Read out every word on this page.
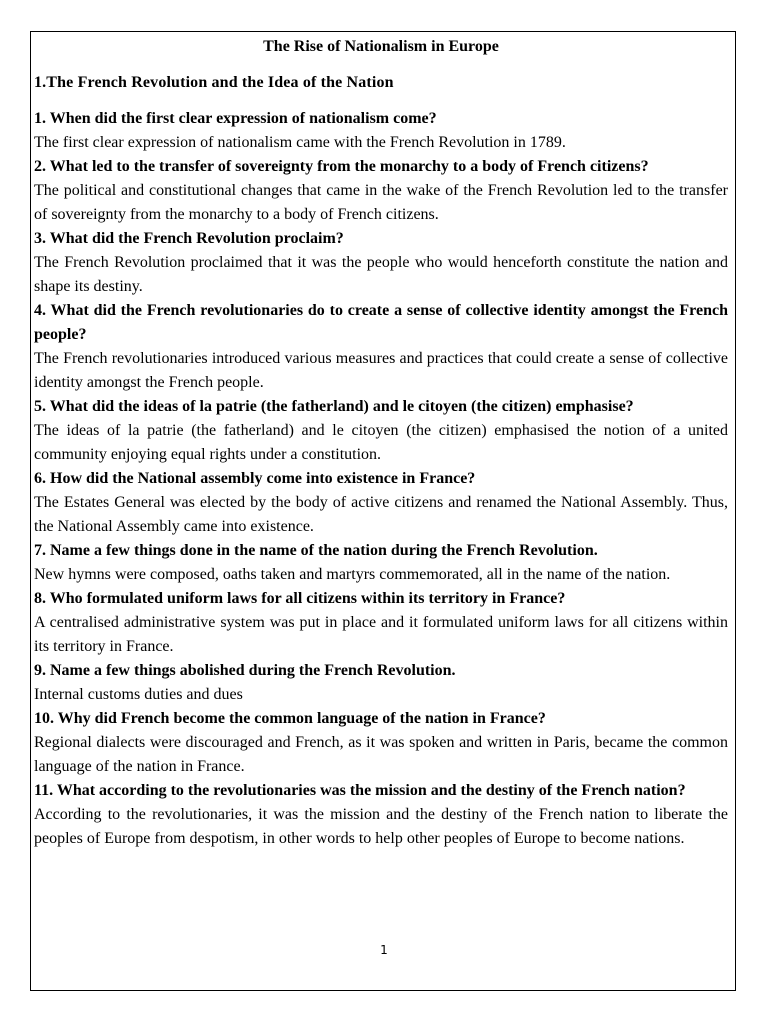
The Rise of Nationalism in Europe
1.The French Revolution and the Idea of the Nation

1. When did the first clear expression of nationalism come?

The first clear expression of nationalism came with the French Revolution in 1789.

2. What led to the transfer of sovereignty from the monarchy to a body of French citizens?

The political and constitutional changes that came in the wake of the French Revolution led to the transfer of sovereignty from the monarchy to a body of French citizens.

3. What did the French Revolution proclaim?

The French Revolution proclaimed that it was the people who would henceforth constitute the nation and shape its destiny.

4. What did the French revolutionaries do to create a sense of collective identity amongst the French people?

The French revolutionaries introduced various measures and practices that could create a sense of collective identity amongst the French people.

5. What did the ideas of la patrie (the fatherland) and le citoyen (the citizen) emphasise?

The ideas of la patrie (the fatherland) and le citoyen (the citizen) emphasised the notion of a united community enjoying equal rights under a constitution.

6. How did the National assembly come into existence in France?

The Estates General was elected by the body of active citizens and renamed the National Assembly. Thus, the National Assembly came into existence.

7. Name a few things done in the name of the nation during the French Revolution.

New hymns were composed, oaths taken and martyrs commemorated, all in the name of the nation.

8. Who formulated uniform laws for all citizens within its territory in France?

A centralised administrative system was put in place and it formulated uniform laws for all citizens within its territory in France.

9. Name a few things abolished during the French Revolution.

Internal customs duties and dues

10. Why did French become the common language of the nation in France?

Regional dialects were discouraged and French, as it was spoken and written in Paris, became the common language of the nation in France.

11. What according to the revolutionaries was the mission and the destiny of the French nation?

According to the revolutionaries, it was the mission and the destiny of the French nation to liberate the peoples of Europe from despotism, in other words to help other peoples of Europe to become nations.

1
